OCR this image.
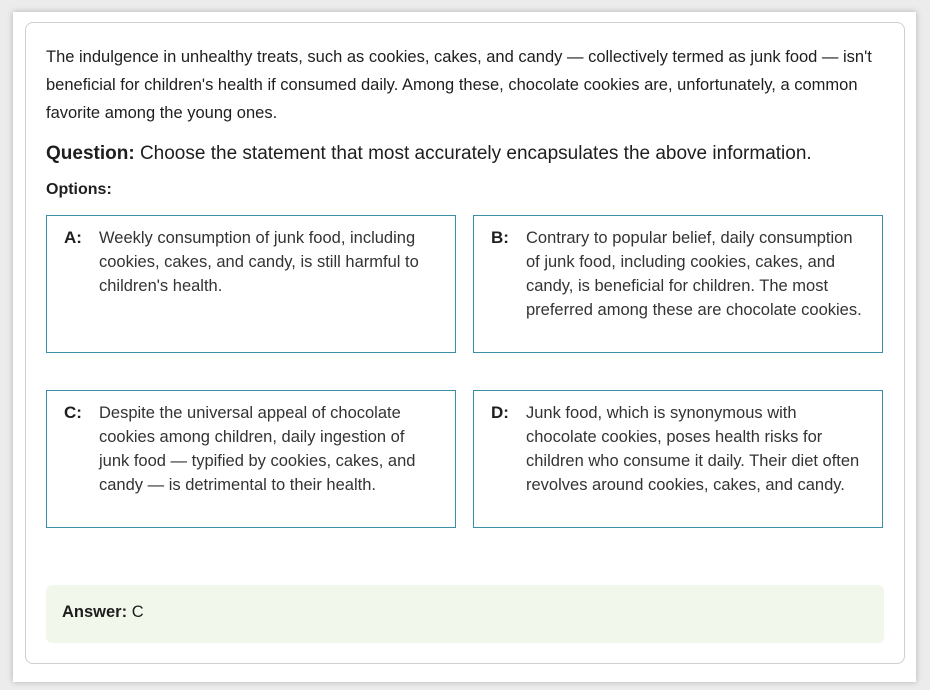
The indulgence in unhealthy treats, such as cookies, cakes, and candy — collectively termed as junk food — isn't beneficial for children's health if consumed daily. Among these, chocolate cookies are, unfortunately, a common favorite among the young ones.

Question: Choose the statement that most accurately encapsulates the above information.

Options:

A: Weekly consumption of junk food, including cookies, cakes, and candy, is still harmful to children's health.
B: Contrary to popular belief, daily consumption of junk food, including cookies, cakes, and candy, is beneficial for children. The most preferred among these are chocolate cookies.
C: Despite the universal appeal of chocolate cookies among children, daily ingestion of junk food — typified by cookies, cakes, and candy — is detrimental to their health.
D: Junk food, which is synonymous with chocolate cookies, poses health risks for children who consume it daily. Their diet often revolves around cookies, cakes, and candy.
Answer: C
